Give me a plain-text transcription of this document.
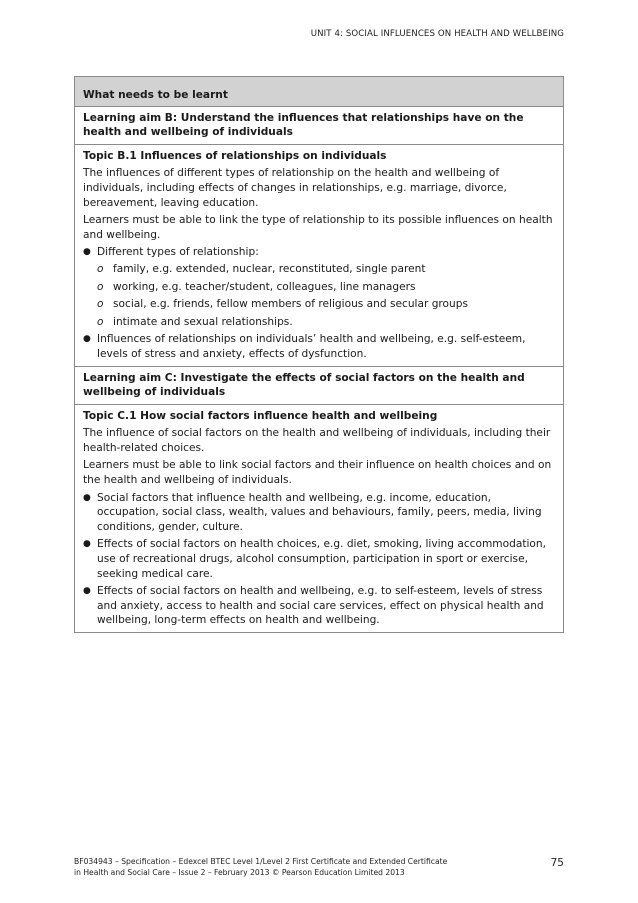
UNIT 4: SOCIAL INFLUENCES ON HEALTH AND WELLBEING
What needs to be learnt
Learning aim B: Understand the influences that relationships have on the health and wellbeing of individuals
Topic B.1 Influences of relationships on individuals

The influences of different types of relationship on the health and wellbeing of individuals, including effects of changes in relationships, e.g. marriage, divorce, bereavement, leaving education.

Learners must be able to link the type of relationship to its possible influences on health and wellbeing.

● Different types of relationship:
o family, e.g. extended, nuclear, reconstituted, single parent
o working, e.g. teacher/student, colleagues, line managers
o social, e.g. friends, fellow members of religious and secular groups
o intimate and sexual relationships.
● Influences of relationships on individuals’ health and wellbeing, e.g. self-esteem, levels of stress and anxiety, effects of dysfunction.
Learning aim C: Investigate the effects of social factors on the health and wellbeing of individuals
Topic C.1 How social factors influence health and wellbeing

The influence of social factors on the health and wellbeing of individuals, including their health-related choices.

Learners must be able to link social factors and their influence on health choices and on the health and wellbeing of individuals.

● Social factors that influence health and wellbeing, e.g. income, education, occupation, social class, wealth, values and behaviours, family, peers, media, living conditions, gender, culture.
● Effects of social factors on health choices, e.g. diet, smoking, living accommodation, use of recreational drugs, alcohol consumption, participation in sport or exercise, seeking medical care.
● Effects of social factors on health and wellbeing, e.g. to self-esteem, levels of stress and anxiety, access to health and social care services, effect on physical health and wellbeing, long-term effects on health and wellbeing.
BF034943 – Specification – Edexcel BTEC Level 1/Level 2 First Certificate and Extended Certificate
in Health and Social Care – Issue 2 – February 2013 © Pearson Education Limited 2013
75
